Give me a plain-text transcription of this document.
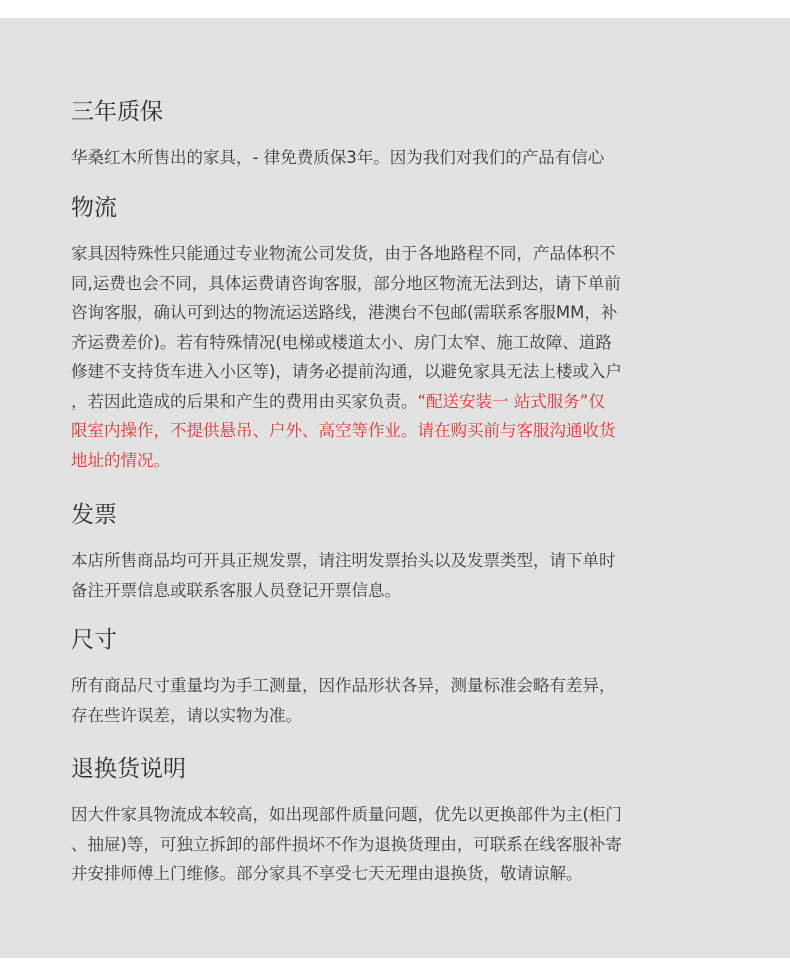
三年质保

华桑红木所售出的家具，- 律免费质保3年。因为我们对我们的产品有信心

物流

家具因特殊性只能通过专业物流公司发货，由于各地路程不同，产品体积不
同,运费也会不同，具体运费请咨询客服，部分地区物流无法到达，请下单前
咨询客服，确认可到达的物流运送路线，港澳台不包邮(需联系客服MM，补
齐运费差价)。若有特殊情况(电梯或楼道太小、房门太窄、施工故障、道路
修建不支持货车进入小区等)，请务必提前沟通，以避免家具无法上楼或入户
，若因此造成的后果和产生的费用由买家负责。“配送安装一 站式服务”仅
限室内操作，不提供悬吊、户外、高空等作业。请在购买前与客服沟通收货
地址的情况。

发票

本店所售商品均可开具正规发票，请注明发票抬头以及发票类型，请下单时
备注开票信息或联系客服人员登记开票信息。

尺寸

所有商品尺寸重量均为手工测量，因作品形状各异，测量标准会略有差异，
存在些许误差，请以实物为准。

退换货说明

因大件家具物流成本较高，如出现部件质量问题，优先以更换部件为主(柜门
、抽屉)等，可独立拆卸的部件损坏不作为退换货理由，可联系在线客服补寄
并安排师傅上门维修。部分家具不享受七天无理由退换货，敬请谅解。
